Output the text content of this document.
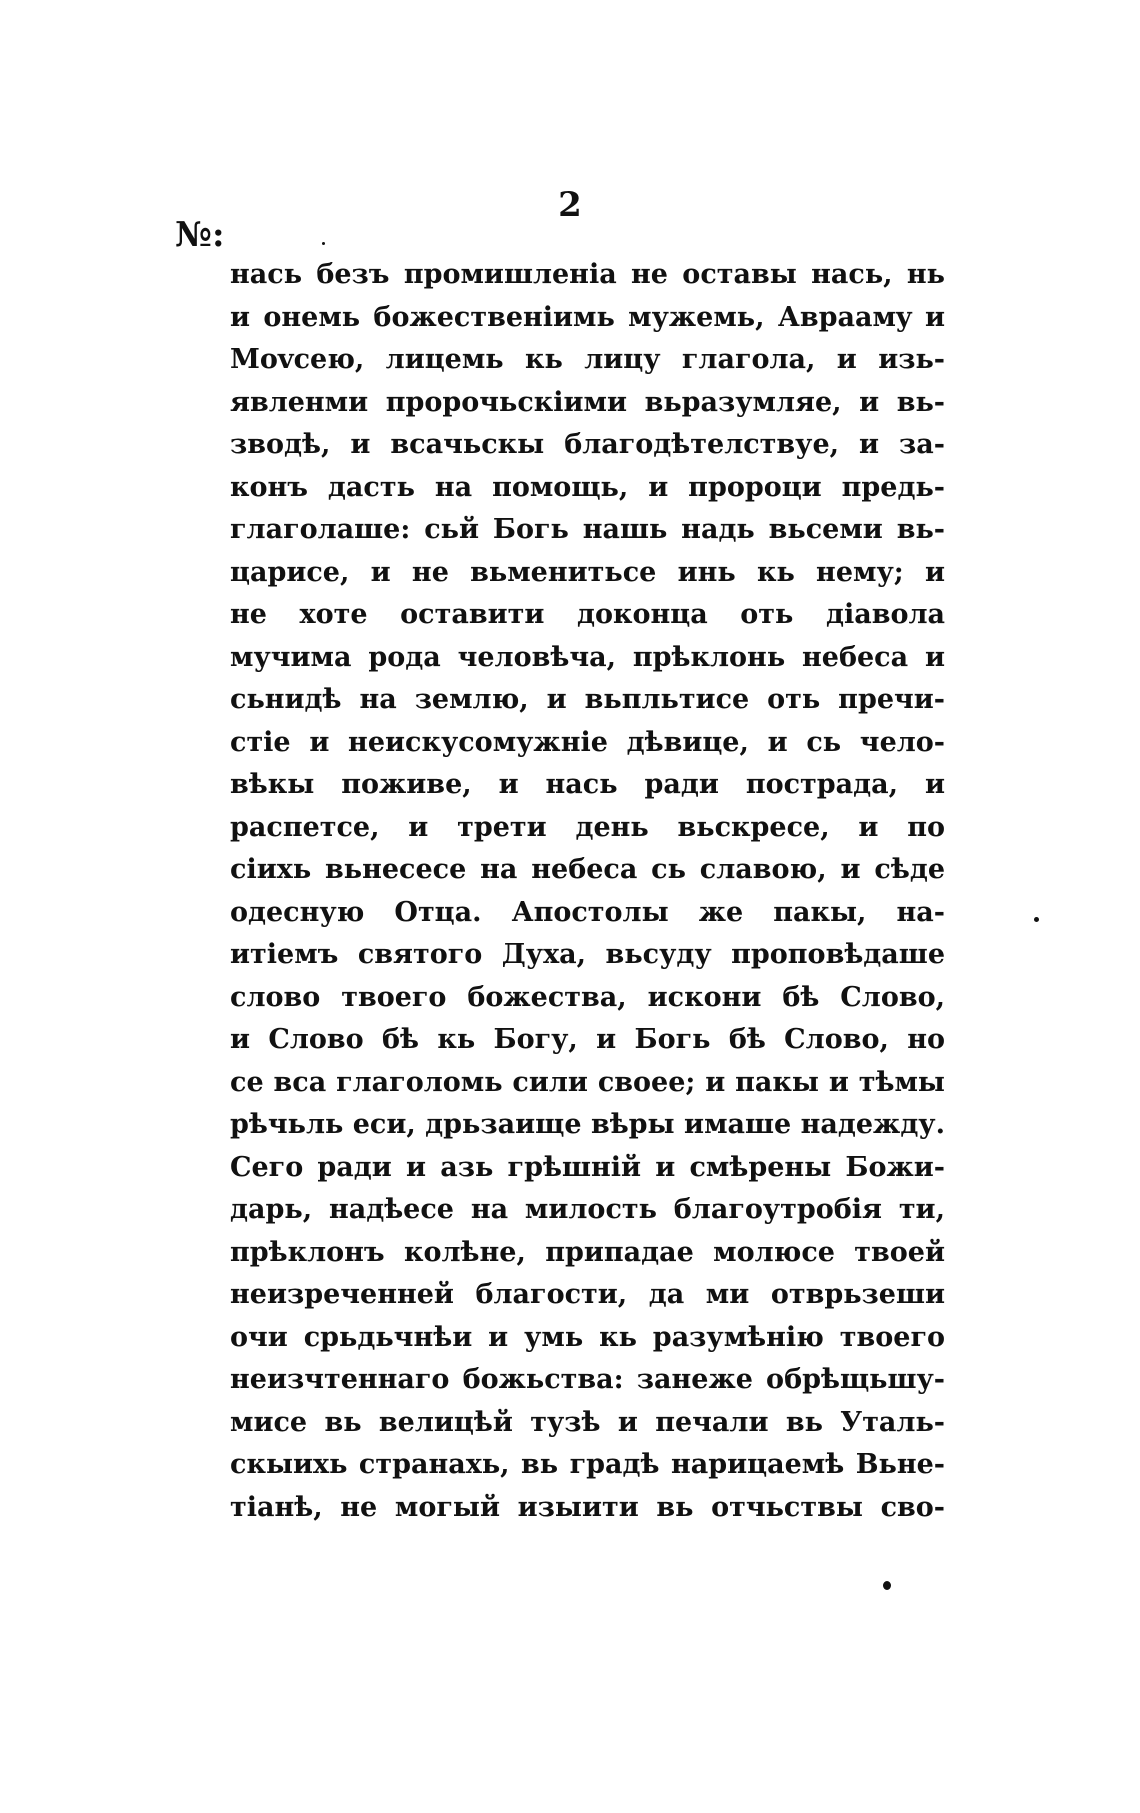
2
№:
нась безъ промишленіа не оставы нась, нь
и онемь божественіимь мужемь, Авраамy и
Моvсею, лицемь кь лицу глагола, и изь-
явленми пророчьскіими вьразумляе, и вь-
зводѣ, и всачьскы благодѣтелствуе, и за-
конъ дасть на помощь, и пророци предь-
глаголаше: сьй Богь нашь надь вьсеми вь-
царисе, и не вьменитьсе инь кь нему; и
не хоте оставити доконца оть діавола
мучима рода человѣча, прѣклонь небеса и
сьнидѣ на землю, и вьпльтисе оть пречи-
стіе и неискусомужніе дѣвице, и сь чело-
вѣкы поживе, и нась ради пострада, и
распетсе, и трети день вьскресе, и по
сіихь вьнесесе на небеса сь славою, и сѣде
одесную Отца. Апостолы же пакы, на-
итіемъ святого Духа, вьсуду проповѣдаше
слово твоего божества, искони бѣ Слово,
и Слово бѣ кь Богу, и Богь бѣ Слово, но
се вса глаголомь сили своее; и пакы и тѣмы
рѣчьль еси, дрьзаище вѣры имаше надежду.
Сего ради и азь грѣшній и смѣрены Божи-
дарь, надѣесе на милость благоутробія ти,
прѣклонъ колѣне, припадае молюсе твоей
неизреченней благости, да ми отврьзеши
очи срьдьчнѣи и умь кь разумѣнію твоего
неизчтеннаго божьства: занеже обрѣщьшу-
мисе вь велицѣй тузѣ и печали вь Уталь-
скыихь странахь, вь градѣ нарицаемѣ Вьне-
тіанѣ, не могый изыити вь отчьствы сво-
